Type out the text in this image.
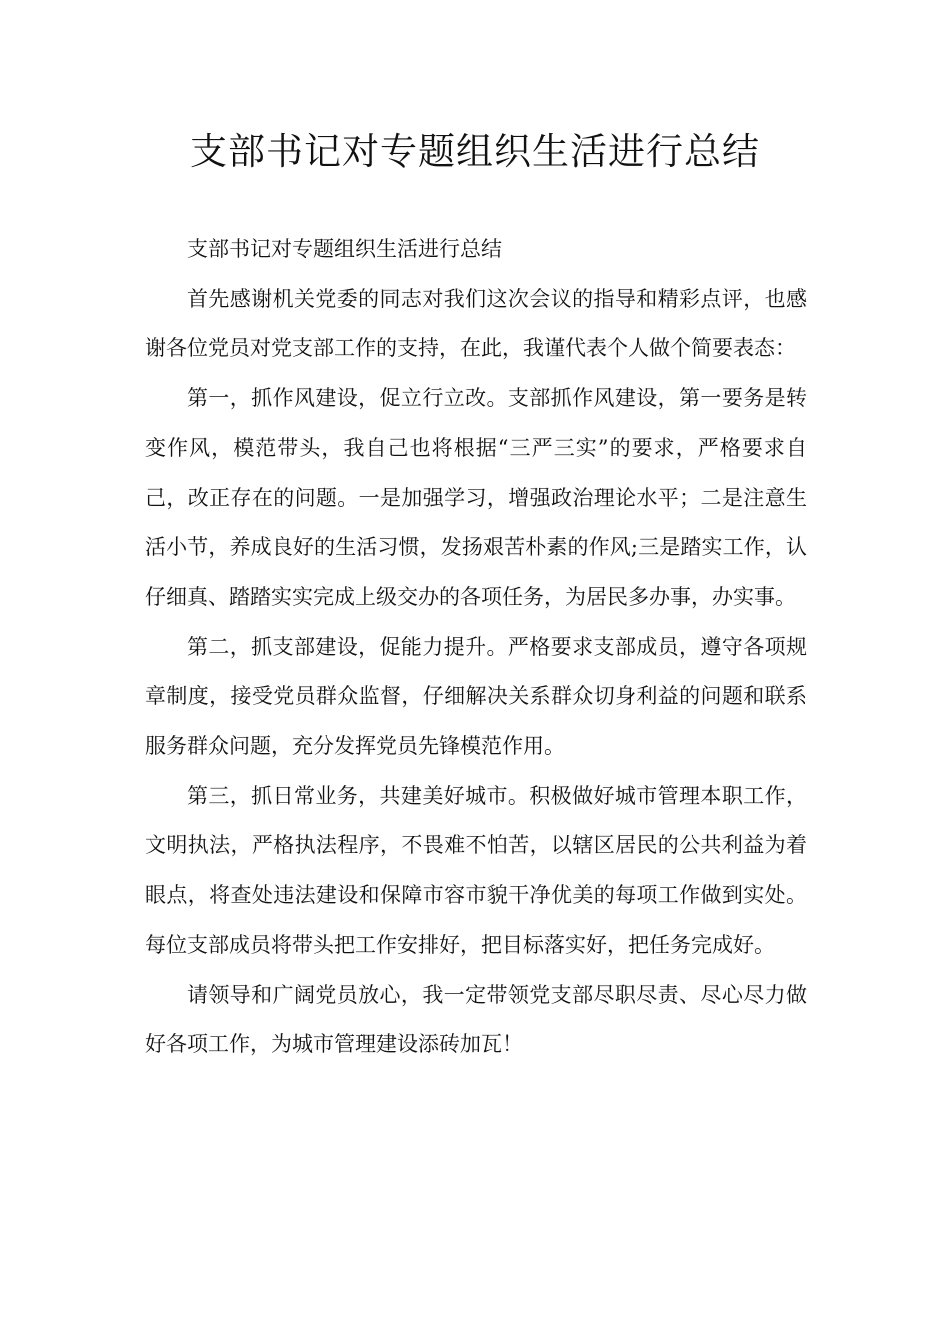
支部书记对专题组织生活进行总结

支部书记对专题组织生活进行总结

首先感谢机关党委的同志对我们这次会议的指导和精彩点评，也感谢各位党员对党支部工作的支持，在此，我谨代表个人做个简要表态：

第一，抓作风建设，促立行立改。支部抓作风建设，第一要务是转变作风，模范带头，我自己也将根据“三严三实”的要求，严格要求自己，改正存在的问题。一是加强学习，增强政治理论水平；二是注意生活小节，养成良好的生活习惯，发扬艰苦朴素的作风;三是踏实工作，认仔细真、踏踏实实完成上级交办的各项任务，为居民多办事，办实事。

第二，抓支部建设，促能力提升。严格要求支部成员，遵守各项规章制度，接受党员群众监督，仔细解决关系群众切身利益的问题和联系服务群众问题，充分发挥党员先锋模范作用。

第三，抓日常业务，共建美好城市。积极做好城市管理本职工作，文明执法，严格执法程序，不畏难不怕苦，以辖区居民的公共利益为着眼点，将查处违法建设和保障市容市貌干净优美的每项工作做到实处。每位支部成员将带头把工作安排好，把目标落实好，把任务完成好。

请领导和广阔党员放心，我一定带领党支部尽职尽责、尽心尽力做好各项工作，为城市管理建设添砖加瓦！
